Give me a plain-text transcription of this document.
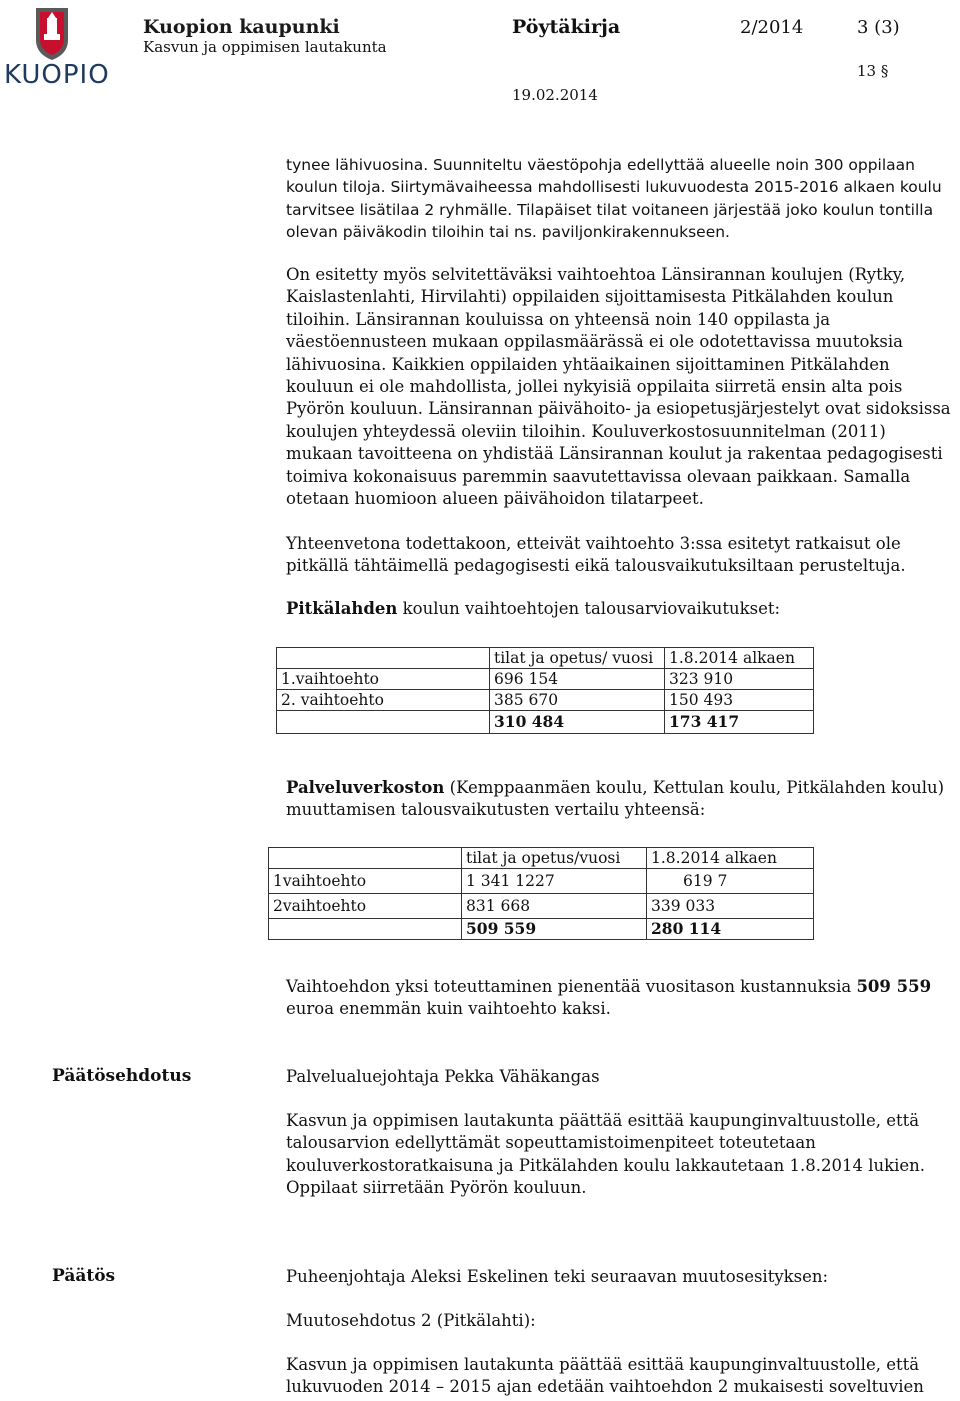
KUOPIO
Kuopion kaupunki
Kasvun ja oppimisen lautakunta
Pöytäkirja	2/2014	3 (3)
13 §
19.02.2014

tynee lähivuosina. Suunniteltu väestöpohja edellyttää alueelle noin 300 oppilaan koulun tiloja. Siirtymävaiheessa mahdollisesti lukuvuodesta 2015-2016 alkaen koulu tarvitsee lisätilaa 2 ryhmälle. Tilapäiset tilat voitaneen järjestää joko koulun tontilla olevan päiväkodin tiloihin tai ns. paviljonkirakennukseen.

On esitetty myös selvitettäväksi vaihtoehtoa Länsirannan koulujen (Rytky, Kaislastenlahti, Hirvilahti) oppilaiden sijoittamisesta Pitkälahden koulun tiloihin. Länsirannan kouluissa on yhteensä noin 140 oppilasta ja väestöennusteen mukaan oppilasmäärässä ei ole odotettavissa muutoksia lähivuosina. Kaikkien oppilaiden yhtäaikainen sijoittaminen Pitkälahden kouluun ei ole mahdollista, jollei nykyisiä oppilaita siirretä ensin alta pois Pyörön kouluun. Länsirannan päivähoito- ja esiopetusjärjestelyt ovat sidoksissa koulujen yhteydessä oleviin tiloihin. Kouluverkostosuunnitelman (2011) mukaan tavoitteena on yhdistää Länsirannan koulut ja rakentaa pedagogisesti toimiva kokonaisuus paremmin saavutettavissa olevaan paikkaan. Samalla otetaan huomioon alueen päivähoidon tilatarpeet.

Yhteenvetona todettakoon, etteivät vaihtoehto 3:ssa esitetyt ratkaisut ole pitkällä tähtäimellä pedagogisesti eikä talousvaikutuksiltaan perusteltuja.

Pitkälahden koulun vaihtoehtojen talousarviovaikutukset:

	tilat ja opetus/ vuosi	1.8.2014 alkaen
1.vaihtoehto	696 154	323 910
2. vaihtoehto	385 670	150 493
	310 484	173 417

Palveluverkoston (Kemppaanmäen koulu, Kettulan koulu, Pitkälahden koulu) muuttamisen talousvaikutusten vertailu yhteensä:

	tilat ja opetus/vuosi	1.8.2014 alkaen
1vaihtoehto	1 341 1227	619 7
2vaihtoehto	831 668	339 033
	509 559	280 114

Vaihtoehdon yksi toteuttaminen pienentää vuositason kustannuksia 509 559 euroa enemmän kuin vaihtoehto kaksi.

Päätösehdotus	Palvelualuejohtaja Pekka Vähäkangas

Kasvun ja oppimisen lautakunta päättää esittää kaupunginvaltuustolle, että talousarvion edellyttämät sopeuttamistoimenpiteet toteutetaan kouluverkostoratkaisuna ja Pitkälahden koulu lakkautetaan 1.8.2014 lukien. Oppilaat siirretään Pyörön kouluun.

Päätös	Puheenjohtaja Aleksi Eskelinen teki seuraavan muutosesityksen:
Muutosehdotus 2 (Pitkälahti):

Kasvun ja oppimisen lautakunta päättää esittää kaupunginvaltuustolle, että lukuvuoden 2014 – 2015 ajan edetään vaihtoehdon 2 mukaisesti soveltuvien
